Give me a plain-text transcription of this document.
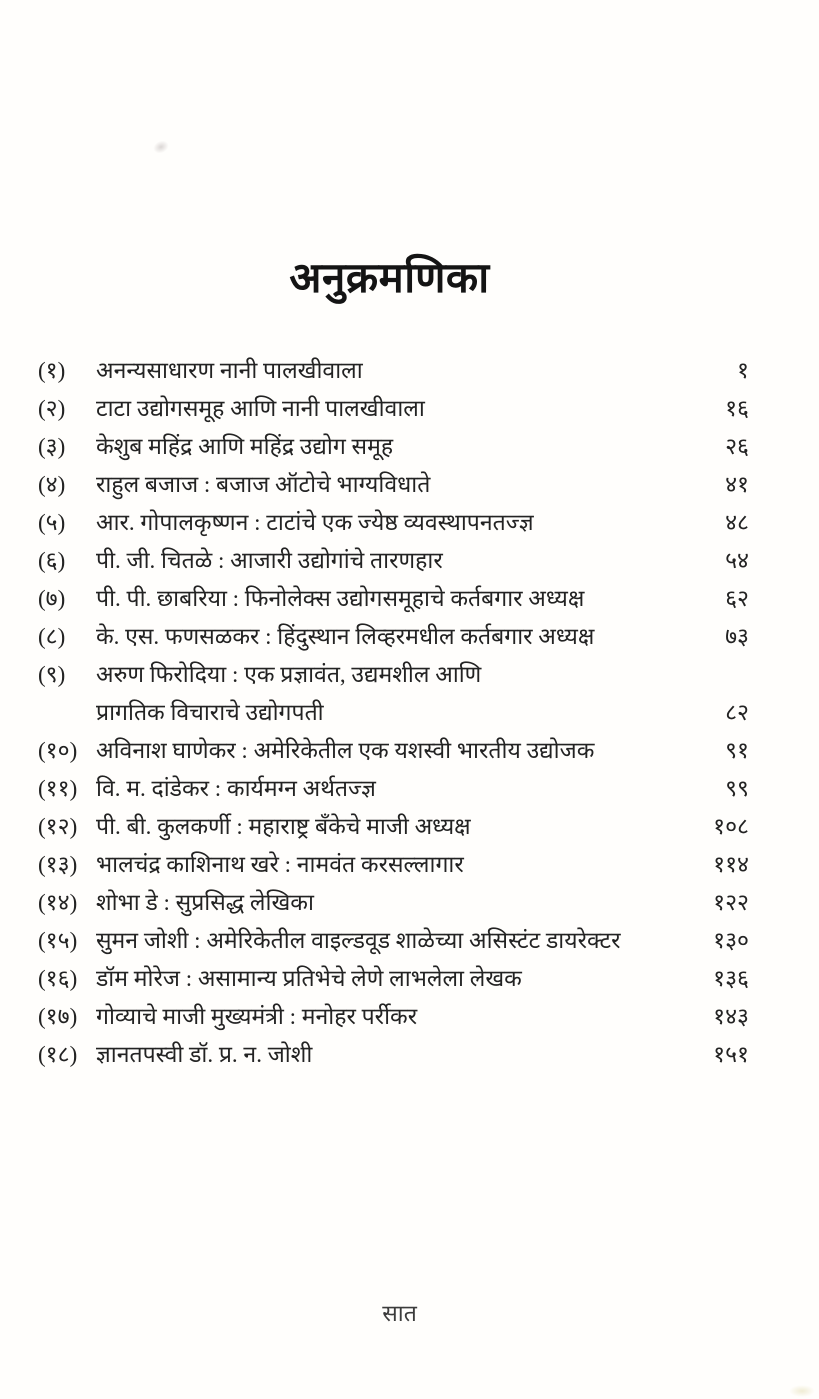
अनुक्रमणिका
(१)	अनन्यसाधारण नानी पालखीवाला	१
(२)	टाटा उद्योगसमूह आणि नानी पालखीवाला	१६
(३)	केशुब महिंद्र आणि महिंद्र उद्योग समूह	२६
(४)	राहुल बजाज : बजाज ऑटोचे भाग्यविधाते	४१
(५)	आर. गोपालकृष्णन : टाटांचे एक ज्येष्ठ व्यवस्थापनतज्ज्ञ	४८
(६)	पी. जी. चितळे : आजारी उद्योगांचे तारणहार	५४
(७)	पी. पी. छाबरिया : फिनोलेक्स उद्योगसमूहाचे कर्तबगार अध्यक्ष	६२
(८)	के. एस. फणसळकर : हिंदुस्थान लिव्हरमधील कर्तबगार अध्यक्ष	७३
(९)	अरुण फिरोदिया : एक प्रज्ञावंत, उद्यमशील आणि
प्रागतिक विचाराचे उद्योगपती	८२
(१०) अविनाश घाणेकर : अमेरिकेतील एक यशस्वी भारतीय उद्योजक	९१
(११) वि. म. दांडेकर : कार्यमग्न अर्थतज्ज्ञ	९९
(१२) पी. बी. कुलकर्णी : महाराष्ट्र बँकेचे माजी अध्यक्ष	१०८
(१३) भालचंद्र काशिनाथ खरे : नामवंत करसल्लागार	११४
(१४) शोभा डे : सुप्रसिद्ध लेखिका	१२२
(१५) सुमन जोशी : अमेरिकेतील वाइल्डवूड शाळेच्या असिस्टंट डायरेक्टर	१३०
(१६) डॉम मोरेज : असामान्य प्रतिभेचे लेणे लाभलेला लेखक	१३६
(१७) गोव्याचे माजी मुख्यमंत्री : मनोहर पर्रीकर	१४३
(१८) ज्ञानतपस्वी डॉ. प्र. न. जोशी	१५१
सात
